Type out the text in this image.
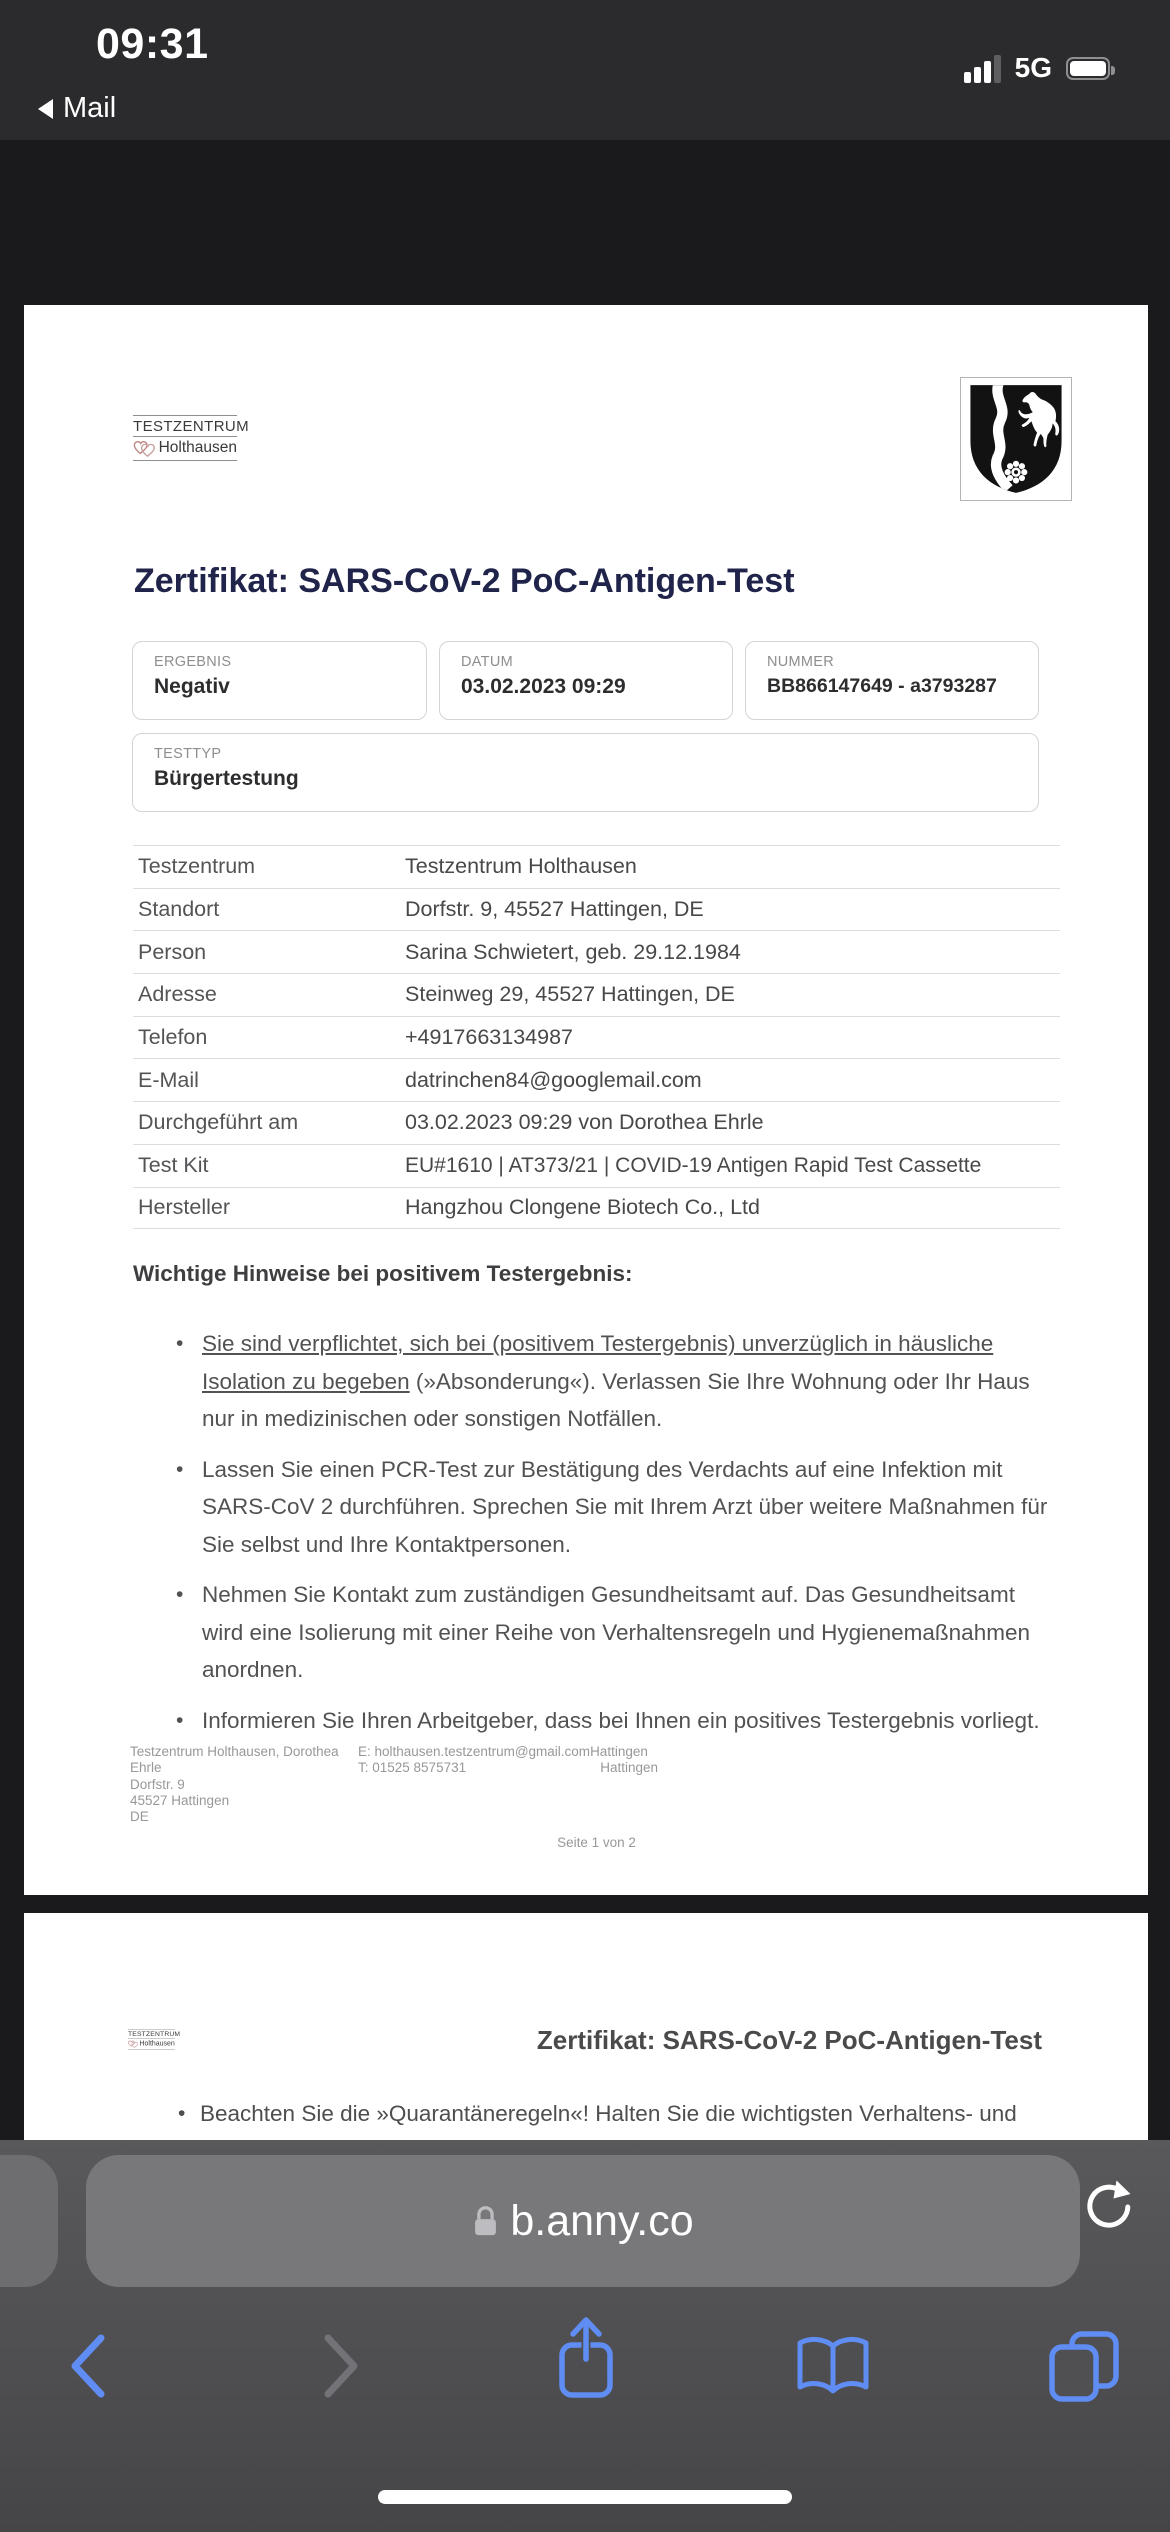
09:31
Mail
5G
TESTZENTRUM
Holthausen
Zertifikat: SARS-CoV-2 PoC-Antigen-Test
ERGEBNIS
Negativ
DATUM
03.02.2023 09:29
NUMMER
BB866147649 - a3793287
TESTTYP
Bürgertestung
Testzentrum	Testzentrum Holthausen
Standort	Dorfstr. 9, 45527 Hattingen, DE
Person	Sarina Schwietert, geb. 29.12.1984
Adresse	Steinweg 29, 45527 Hattingen, DE
Telefon	+4917663134987
E-Mail	datrinchen84@googlemail.com
Durchgeführt am	03.02.2023 09:29 von Dorothea Ehrle
Test Kit	EU#1610 | AT373/21 | COVID-19 Antigen Rapid Test Cassette
Hersteller	Hangzhou Clongene Biotech Co., Ltd
Wichtige Hinweise bei positivem Testergebnis:
• Sie sind verpflichtet, sich bei (positivem Testergebnis) unverzüglich in häusliche Isolation zu begeben (»Absonderung«). Verlassen Sie Ihre Wohnung oder Ihr Haus nur in medizinischen oder sonstigen Notfällen.
• Lassen Sie einen PCR-Test zur Bestätigung des Verdachts auf eine Infektion mit SARS-CoV 2 durchführen. Sprechen Sie mit Ihrem Arzt über weitere Maßnahmen für Sie selbst und Ihre Kontaktpersonen.
• Nehmen Sie Kontakt zum zuständigen Gesundheitsamt auf. Das Gesundheitsamt wird eine Isolierung mit einer Reihe von Verhaltensregeln und Hygienemaßnahmen anordnen.
• Informieren Sie Ihren Arbeitgeber, dass bei Ihnen ein positives Testergebnis vorliegt.
Testzentrum Holthausen, Dorothea Ehrle
Dorfstr. 9
45527 Hattingen
DE
E: holthausen.testzentrum@gmail.com Hattingen
T: 01525 8575731	Hattingen
Seite 1 von 2
TESTZENTRUM
Holthausen	Zertifikat: SARS-CoV-2 PoC-Antigen-Test
• Beachten Sie die »Quarantäneregeln«! Halten Sie die wichtigsten Verhaltens- und
b.anny.co
